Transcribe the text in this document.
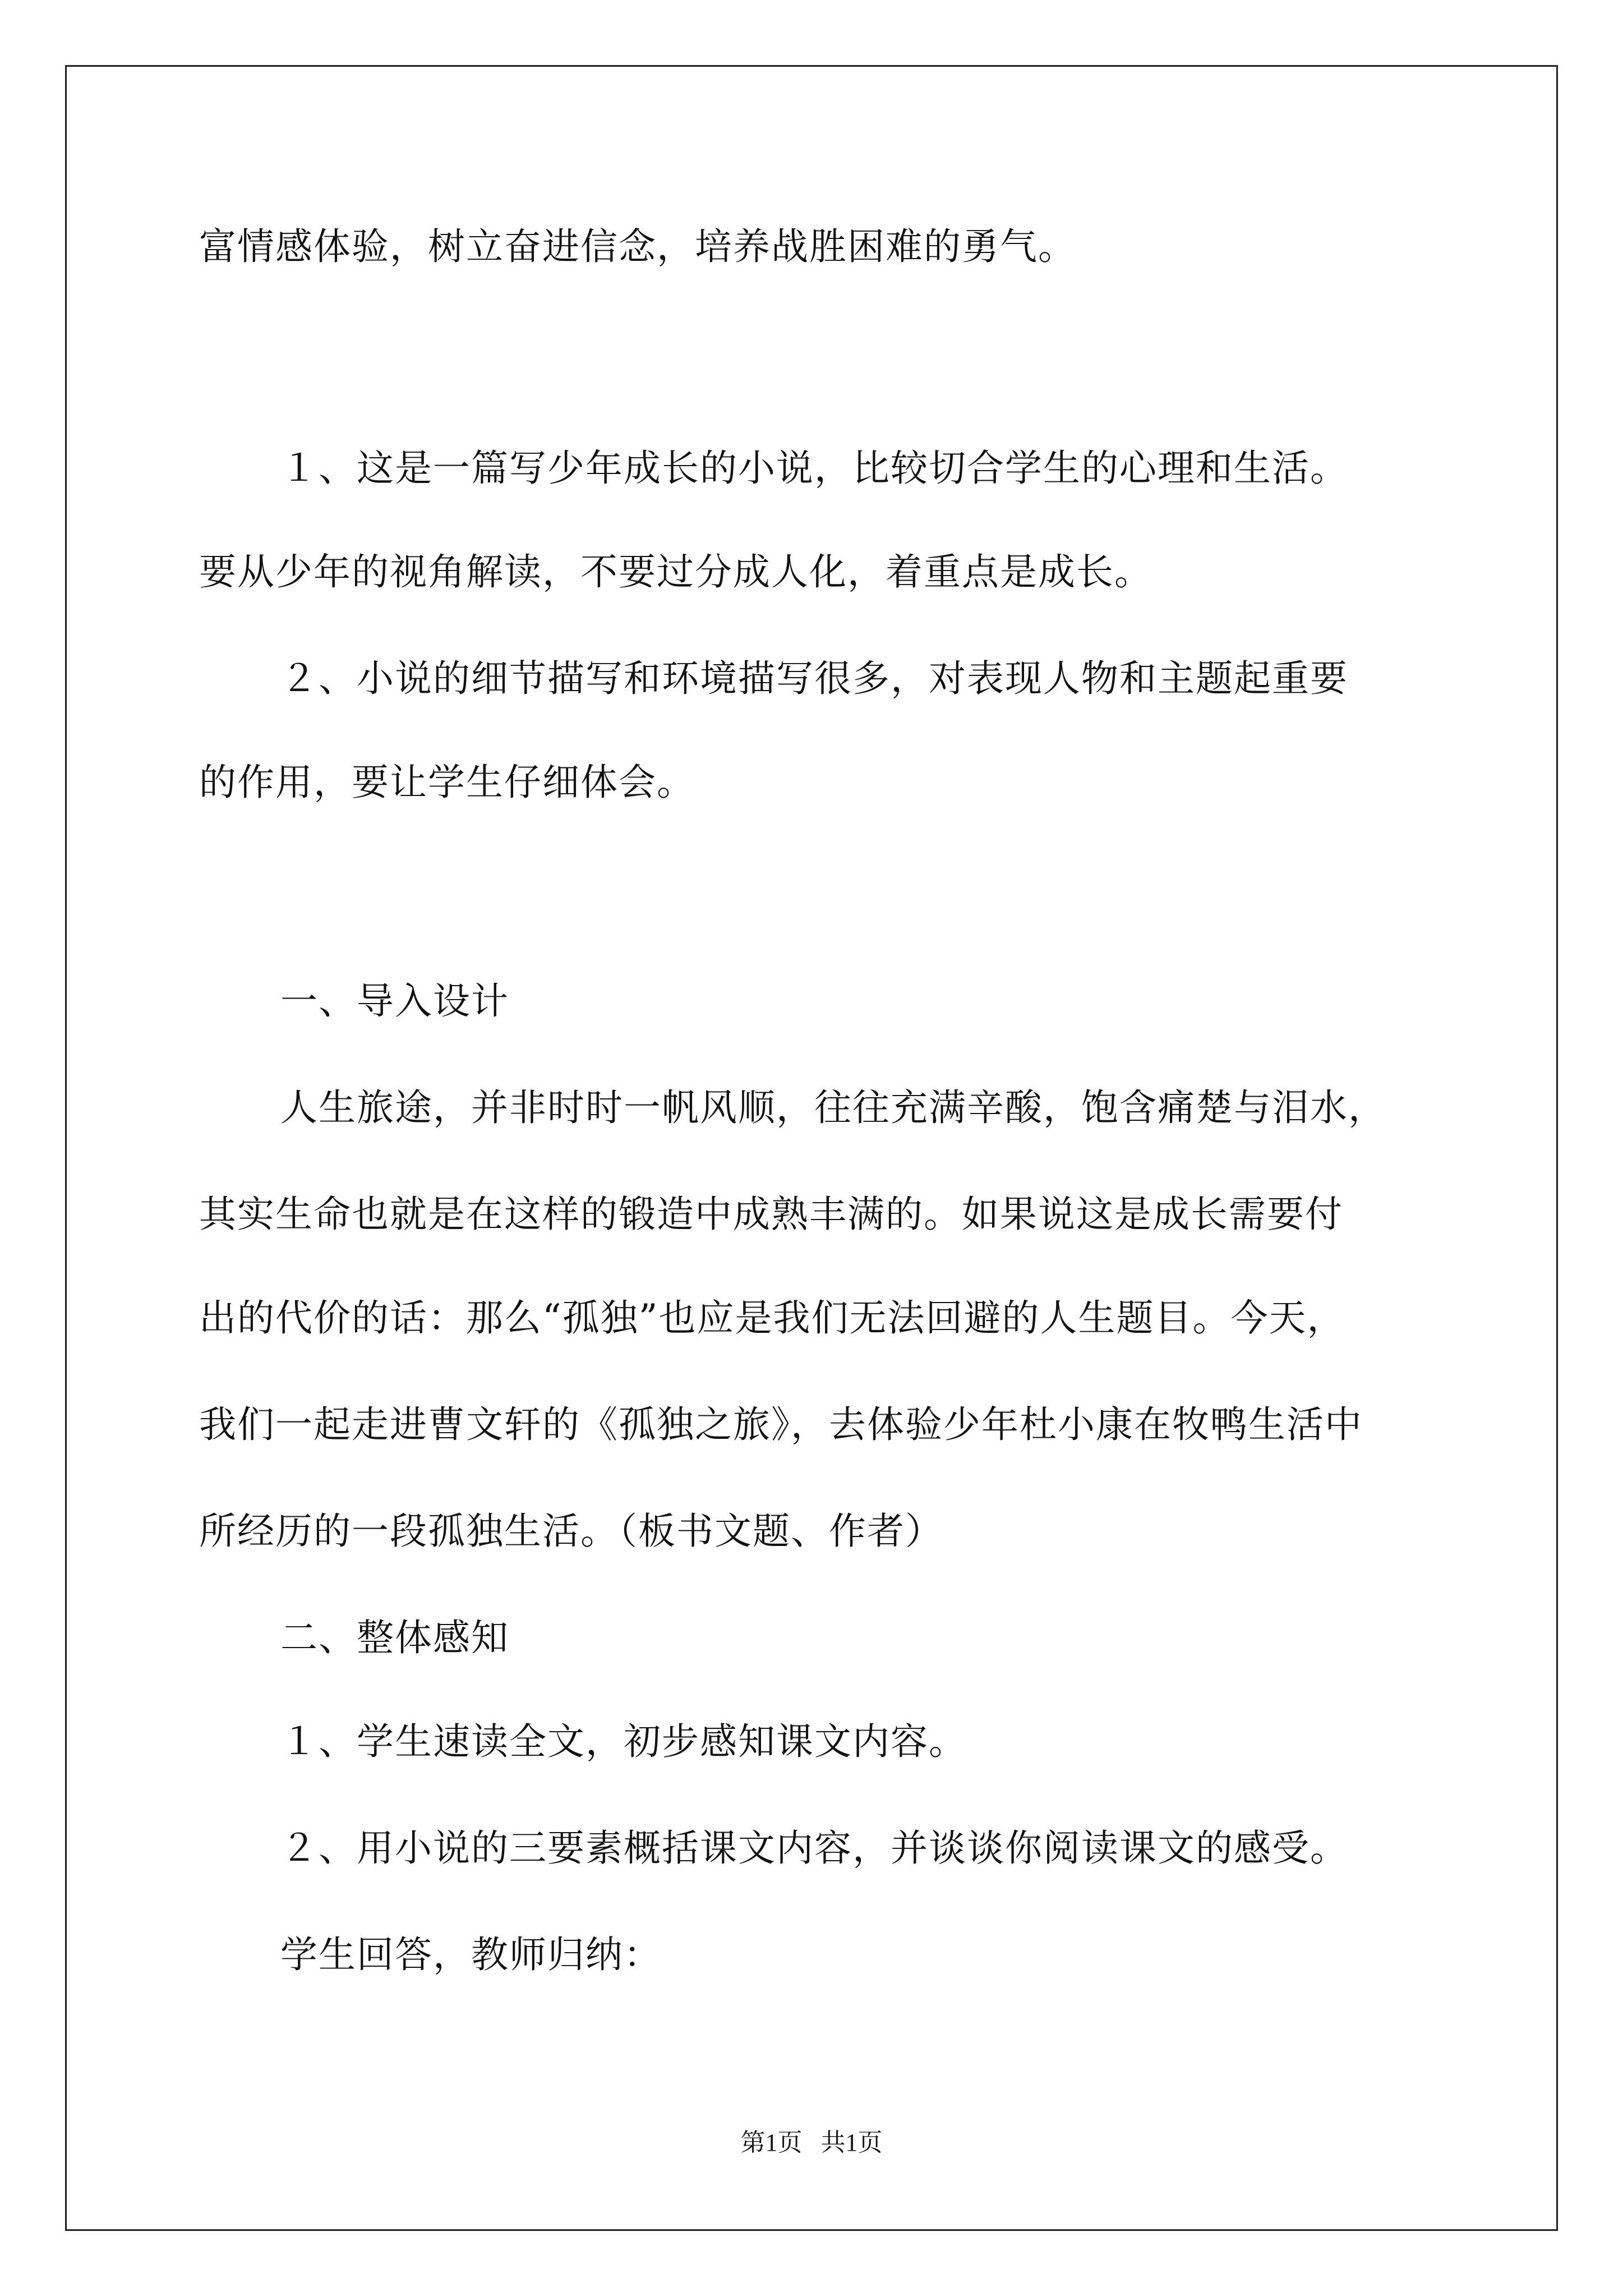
富情感体验，树立奋进信念，培养战胜困难的勇气。
１、这是一篇写少年成长的小说，比较切合学生的心理和生活。
要从少年的视角解读，不要过分成人化，着重点是成长。
２、小说的细节描写和环境描写很多，对表现人物和主题起重要
的作用，要让学生仔细体会。
一、导入设计
人生旅途，并非时时一帆风顺，往往充满辛酸，饱含痛楚与泪水，
其实生命也就是在这样的锻造中成熟丰满的。如果说这是成长需要付
出的代价的话：那么“孤独”也应是我们无法回避的人生题目。今天，
我们一起走进曹文轩的《孤独之旅》，去体验少年杜小康在牧鸭生活中
所经历的一段孤独生活。（板书文题、作者）
二、整体感知
１、学生速读全文，初步感知课文内容。
２、用小说的三要素概括课文内容，并谈谈你阅读课文的感受。
学生回答，教师归纳：
第1页   共1页
